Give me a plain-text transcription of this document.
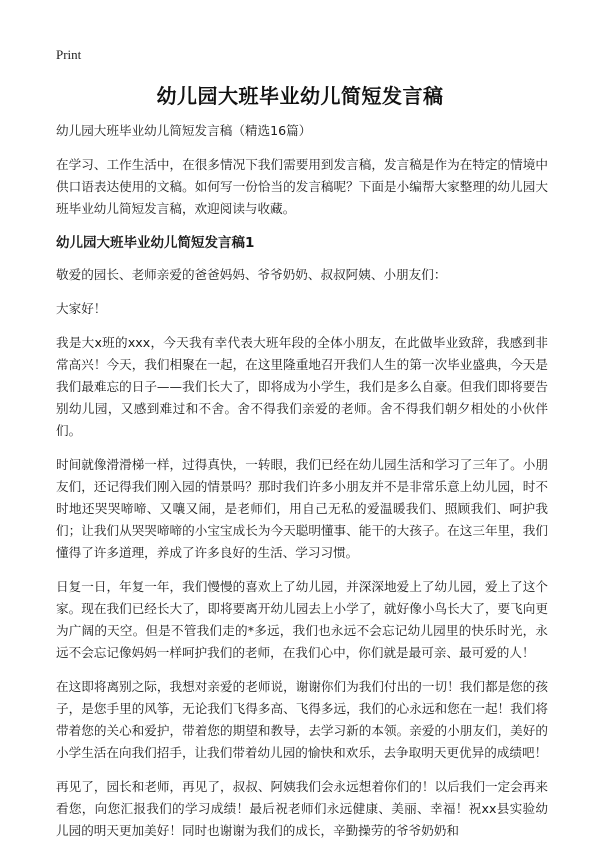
Print
幼儿园大班毕业幼儿简短发言稿

幼儿园大班毕业幼儿简短发言稿（精选16篇）

在学习、工作生活中，在很多情况下我们需要用到发言稿，发言稿是作为在特定的情境中供口语表达使用的文稿。如何写一份恰当的发言稿呢？下面是小编帮大家整理的幼儿园大班毕业幼儿简短发言稿，欢迎阅读与收藏。

幼儿园大班毕业幼儿简短发言稿1

敬爱的园长、老师亲爱的爸爸妈妈、爷爷奶奶、叔叔阿姨、小朋友们：

大家好！

我是大x班的xxx，今天我有幸代表大班年段的全体小朋友，在此做毕业致辞，我感到非常高兴！今天，我们相聚在一起，在这里隆重地召开我们人生的第一次毕业盛典，今天是我们最难忘的日子——我们长大了，即将成为小学生，我们是多么自豪。但我们即将要告别幼儿园，又感到难过和不舍。舍不得我们亲爱的老师。舍不得我们朝夕相处的小伙伴们。

时间就像滑滑梯一样，过得真快，一转眼，我们已经在幼儿园生活和学习了三年了。小朋友们，还记得我们刚入园的情景吗？那时我们许多小朋友并不是非常乐意上幼儿园，时不时地还哭哭啼啼、又嚷又闹，是老师们，用自己无私的爱温暖我们、照顾我们、呵护我们；让我们从哭哭啼啼的小宝宝成长为今天聪明懂事、能干的大孩子。在这三年里，我们懂得了许多道理，养成了许多良好的生活、学习习惯。

日复一日，年复一年，我们慢慢的喜欢上了幼儿园，并深深地爱上了幼儿园，爱上了这个家。现在我们已经长大了，即将要离开幼儿园去上小学了，就好像小鸟长大了，要飞向更为广阔的天空。但是不管我们走的*多远，我们也永远不会忘记幼儿园里的快乐时光，永远不会忘记像妈妈一样呵护我们的老师，在我们心中，你们就是最可亲、最可爱的人！

在这即将离别之际，我想对亲爱的老师说，谢谢你们为我们付出的一切！我们都是您的孩子，是您手里的风筝，无论我们飞得多高、飞得多远，我们的心永远和您在一起！我们将带着您的关心和爱护，带着您的期望和教导，去学习新的本领。亲爱的小朋友们，美好的小学生活在向我们招手，让我们带着幼儿园的愉快和欢乐，去争取明天更优异的成绩吧！

再见了，园长和老师，再见了，叔叔、阿姨我们会永远想着你们的！以后我们一定会再来看您，向您汇报我们的学习成绩！最后祝老师们永远健康、美丽、幸福！祝xx县实验幼儿园的明天更加美好！同时也谢谢为我们的成长，辛勤操劳的爷爷奶奶和
